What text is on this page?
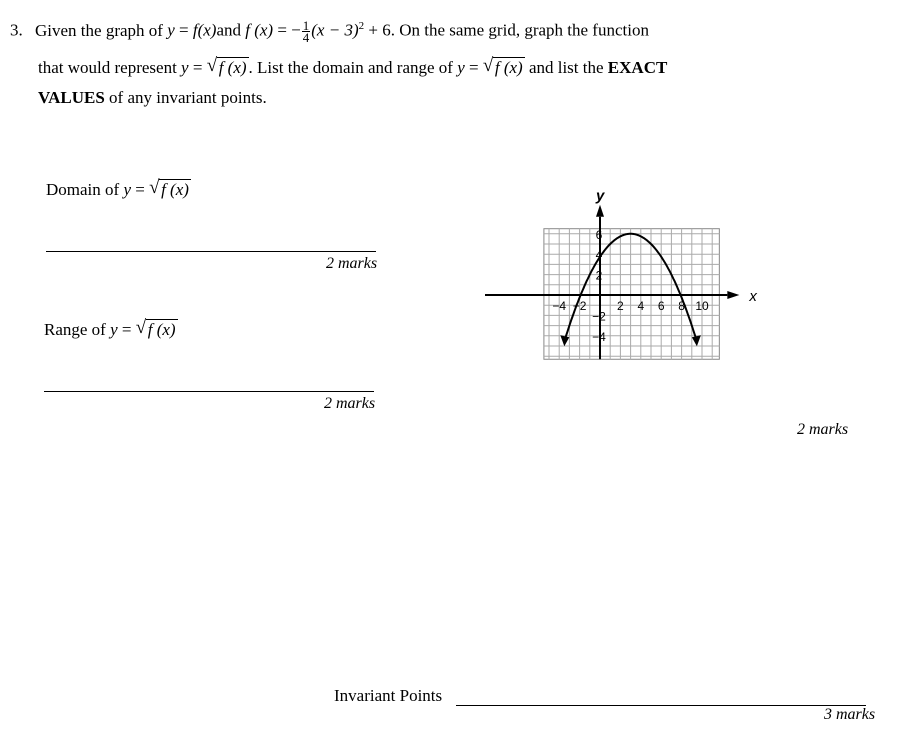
3. Given the graph of y = f(x)and f (x) = − $\frac{1}{4} (x - 3)^2 + 6$. On the same grid, graph the function
that would represent y = √ f (x) . List the domain and range of y = √ f (x) and list the EXACT
VALUES of any invariant points.
Domain of y = √ f (x)
2 marks
Range of y = √ f (x)
2 marks
x
y
−4 −2	2 4 6 8 10
6
4
2
−2
−4
2 marks
Invariant Points
3 marks
